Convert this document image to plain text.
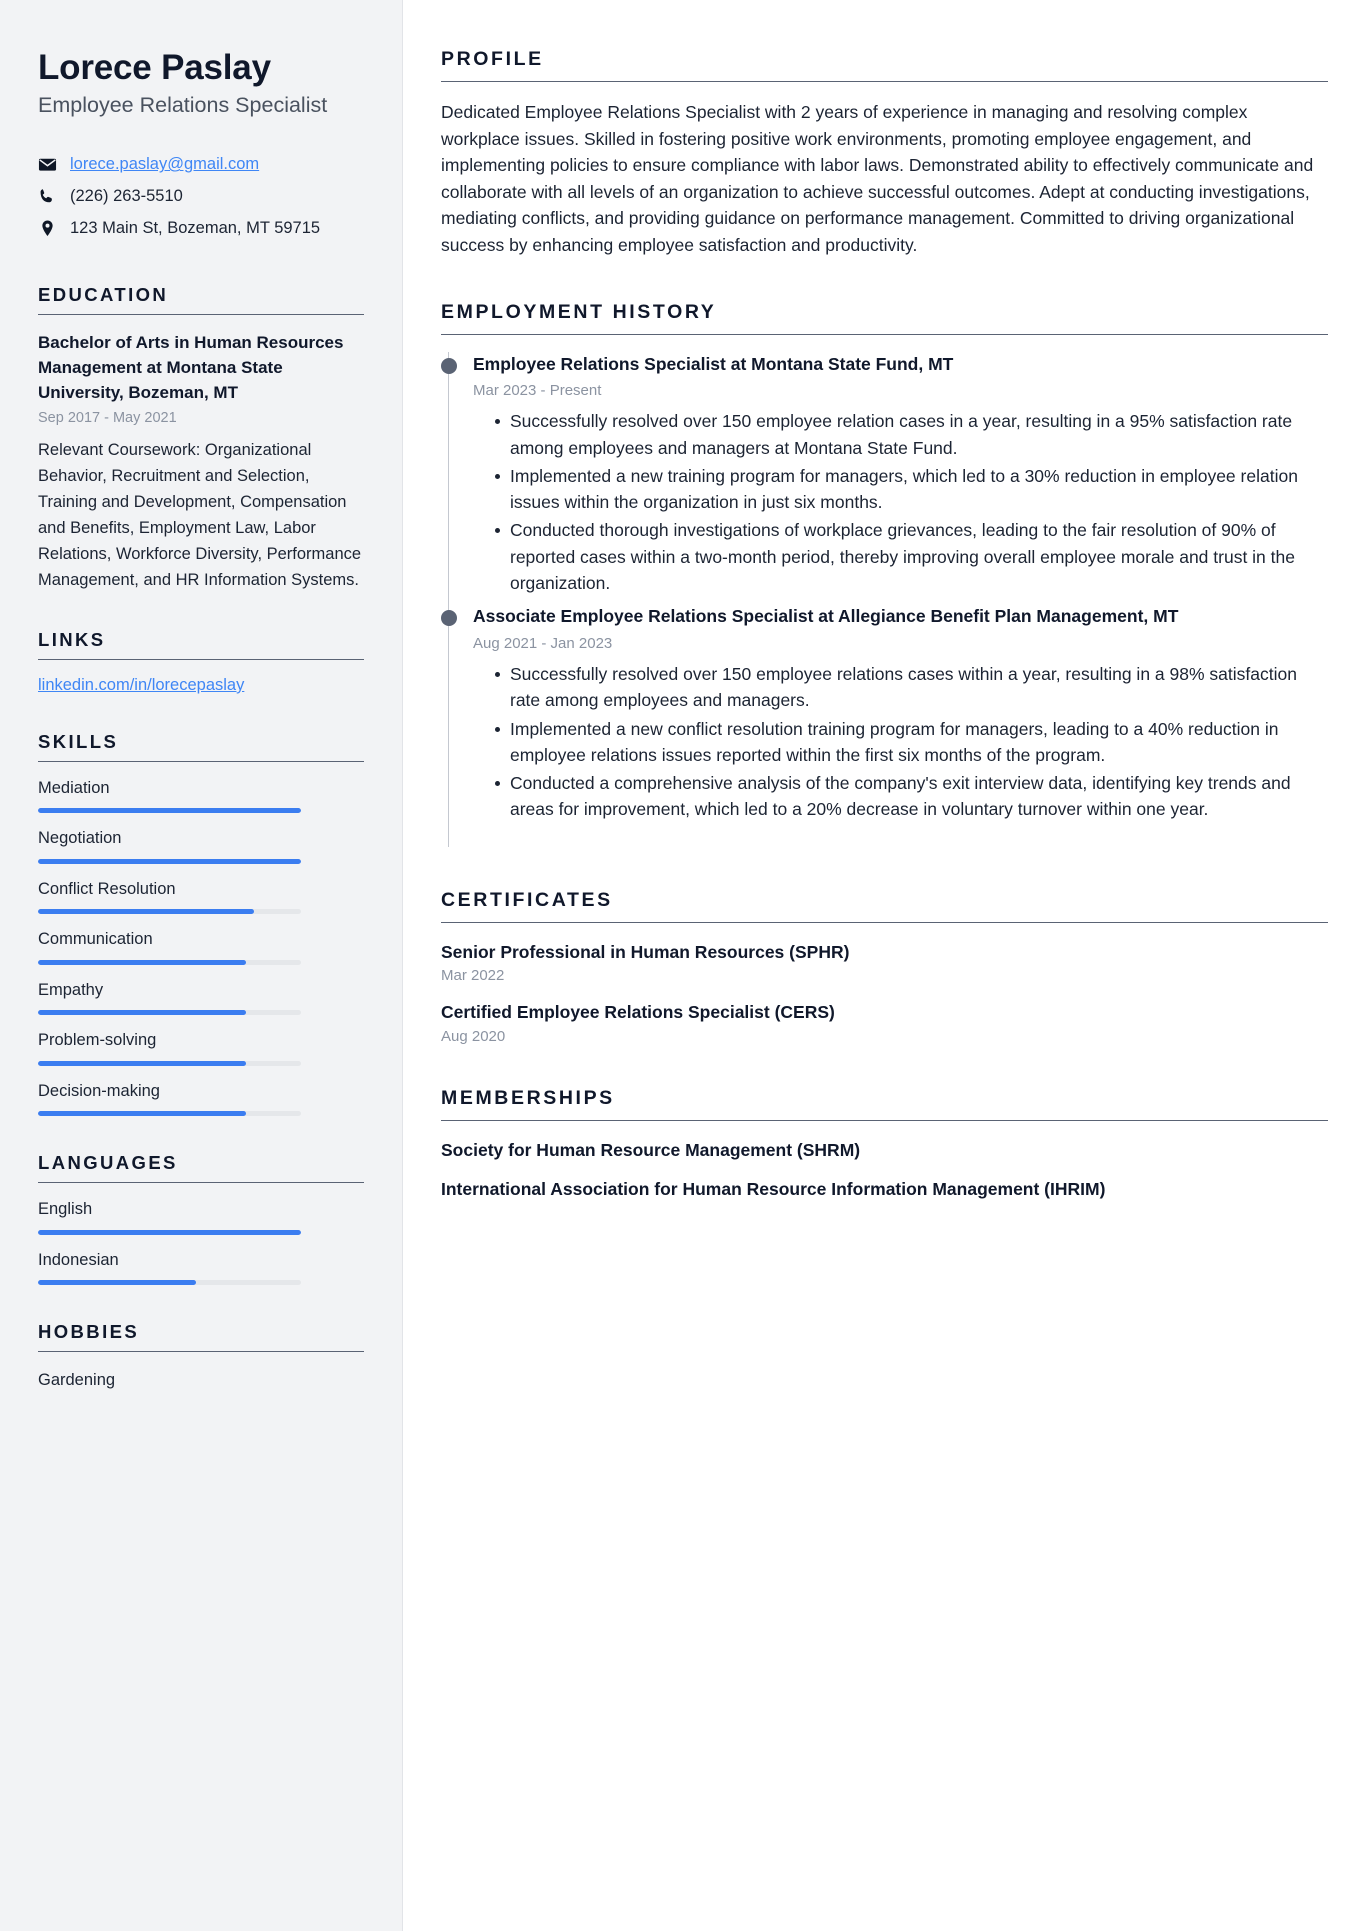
Lorece Paslay
Employee Relations Specialist
lorece.paslay@gmail.com
(226) 263-5510
123 Main St, Bozeman, MT 59715
EDUCATION
Bachelor of Arts in Human Resources Management at Montana State University, Bozeman, MT
Sep 2017 - May 2021
Relevant Coursework: Organizational Behavior, Recruitment and Selection, Training and Development, Compensation and Benefits, Employment Law, Labor Relations, Workforce Diversity, Performance Management, and HR Information Systems.
LINKS
linkedin.com/in/lorecepaslay
SKILLS
Mediation
Negotiation
Conflict Resolution
Communication
Empathy
Problem-solving
Decision-making
LANGUAGES
English
Indonesian
HOBBIES
Gardening
PROFILE

Dedicated Employee Relations Specialist with 2 years of experience in managing and resolving complex workplace issues. Skilled in fostering positive work environments, promoting employee engagement, and implementing policies to ensure compliance with labor laws. Demonstrated ability to effectively communicate and collaborate with all levels of an organization to achieve successful outcomes. Adept at conducting investigations, mediating conflicts, and providing guidance on performance management. Committed to driving organizational success by enhancing employee satisfaction and productivity.

EMPLOYMENT HISTORY
Employee Relations Specialist at Montana State Fund, MT
Mar 2023 - Present
Successfully resolved over 150 employee relation cases in a year, resulting in a 95% satisfaction rate among employees and managers at Montana State Fund.
Implemented a new training program for managers, which led to a 30% reduction in employee relation issues within the organization in just six months.
Conducted thorough investigations of workplace grievances, leading to the fair resolution of 90% of reported cases within a two-month period, thereby improving overall employee morale and trust in the organization.
Associate Employee Relations Specialist at Allegiance Benefit Plan Management, MT
Aug 2021 - Jan 2023
Successfully resolved over 150 employee relations cases within a year, resulting in a 98% satisfaction rate among employees and managers.
Implemented a new conflict resolution training program for managers, leading to a 40% reduction in employee relations issues reported within the first six months of the program.
Conducted a comprehensive analysis of the company's exit interview data, identifying key trends and areas for improvement, which led to a 20% decrease in voluntary turnover within one year.
CERTIFICATES
Senior Professional in Human Resources (SPHR)
Mar 2022
Certified Employee Relations Specialist (CERS)
Aug 2020
MEMBERSHIPS
Society for Human Resource Management (SHRM)
International Association for Human Resource Information Management (IHRIM)
